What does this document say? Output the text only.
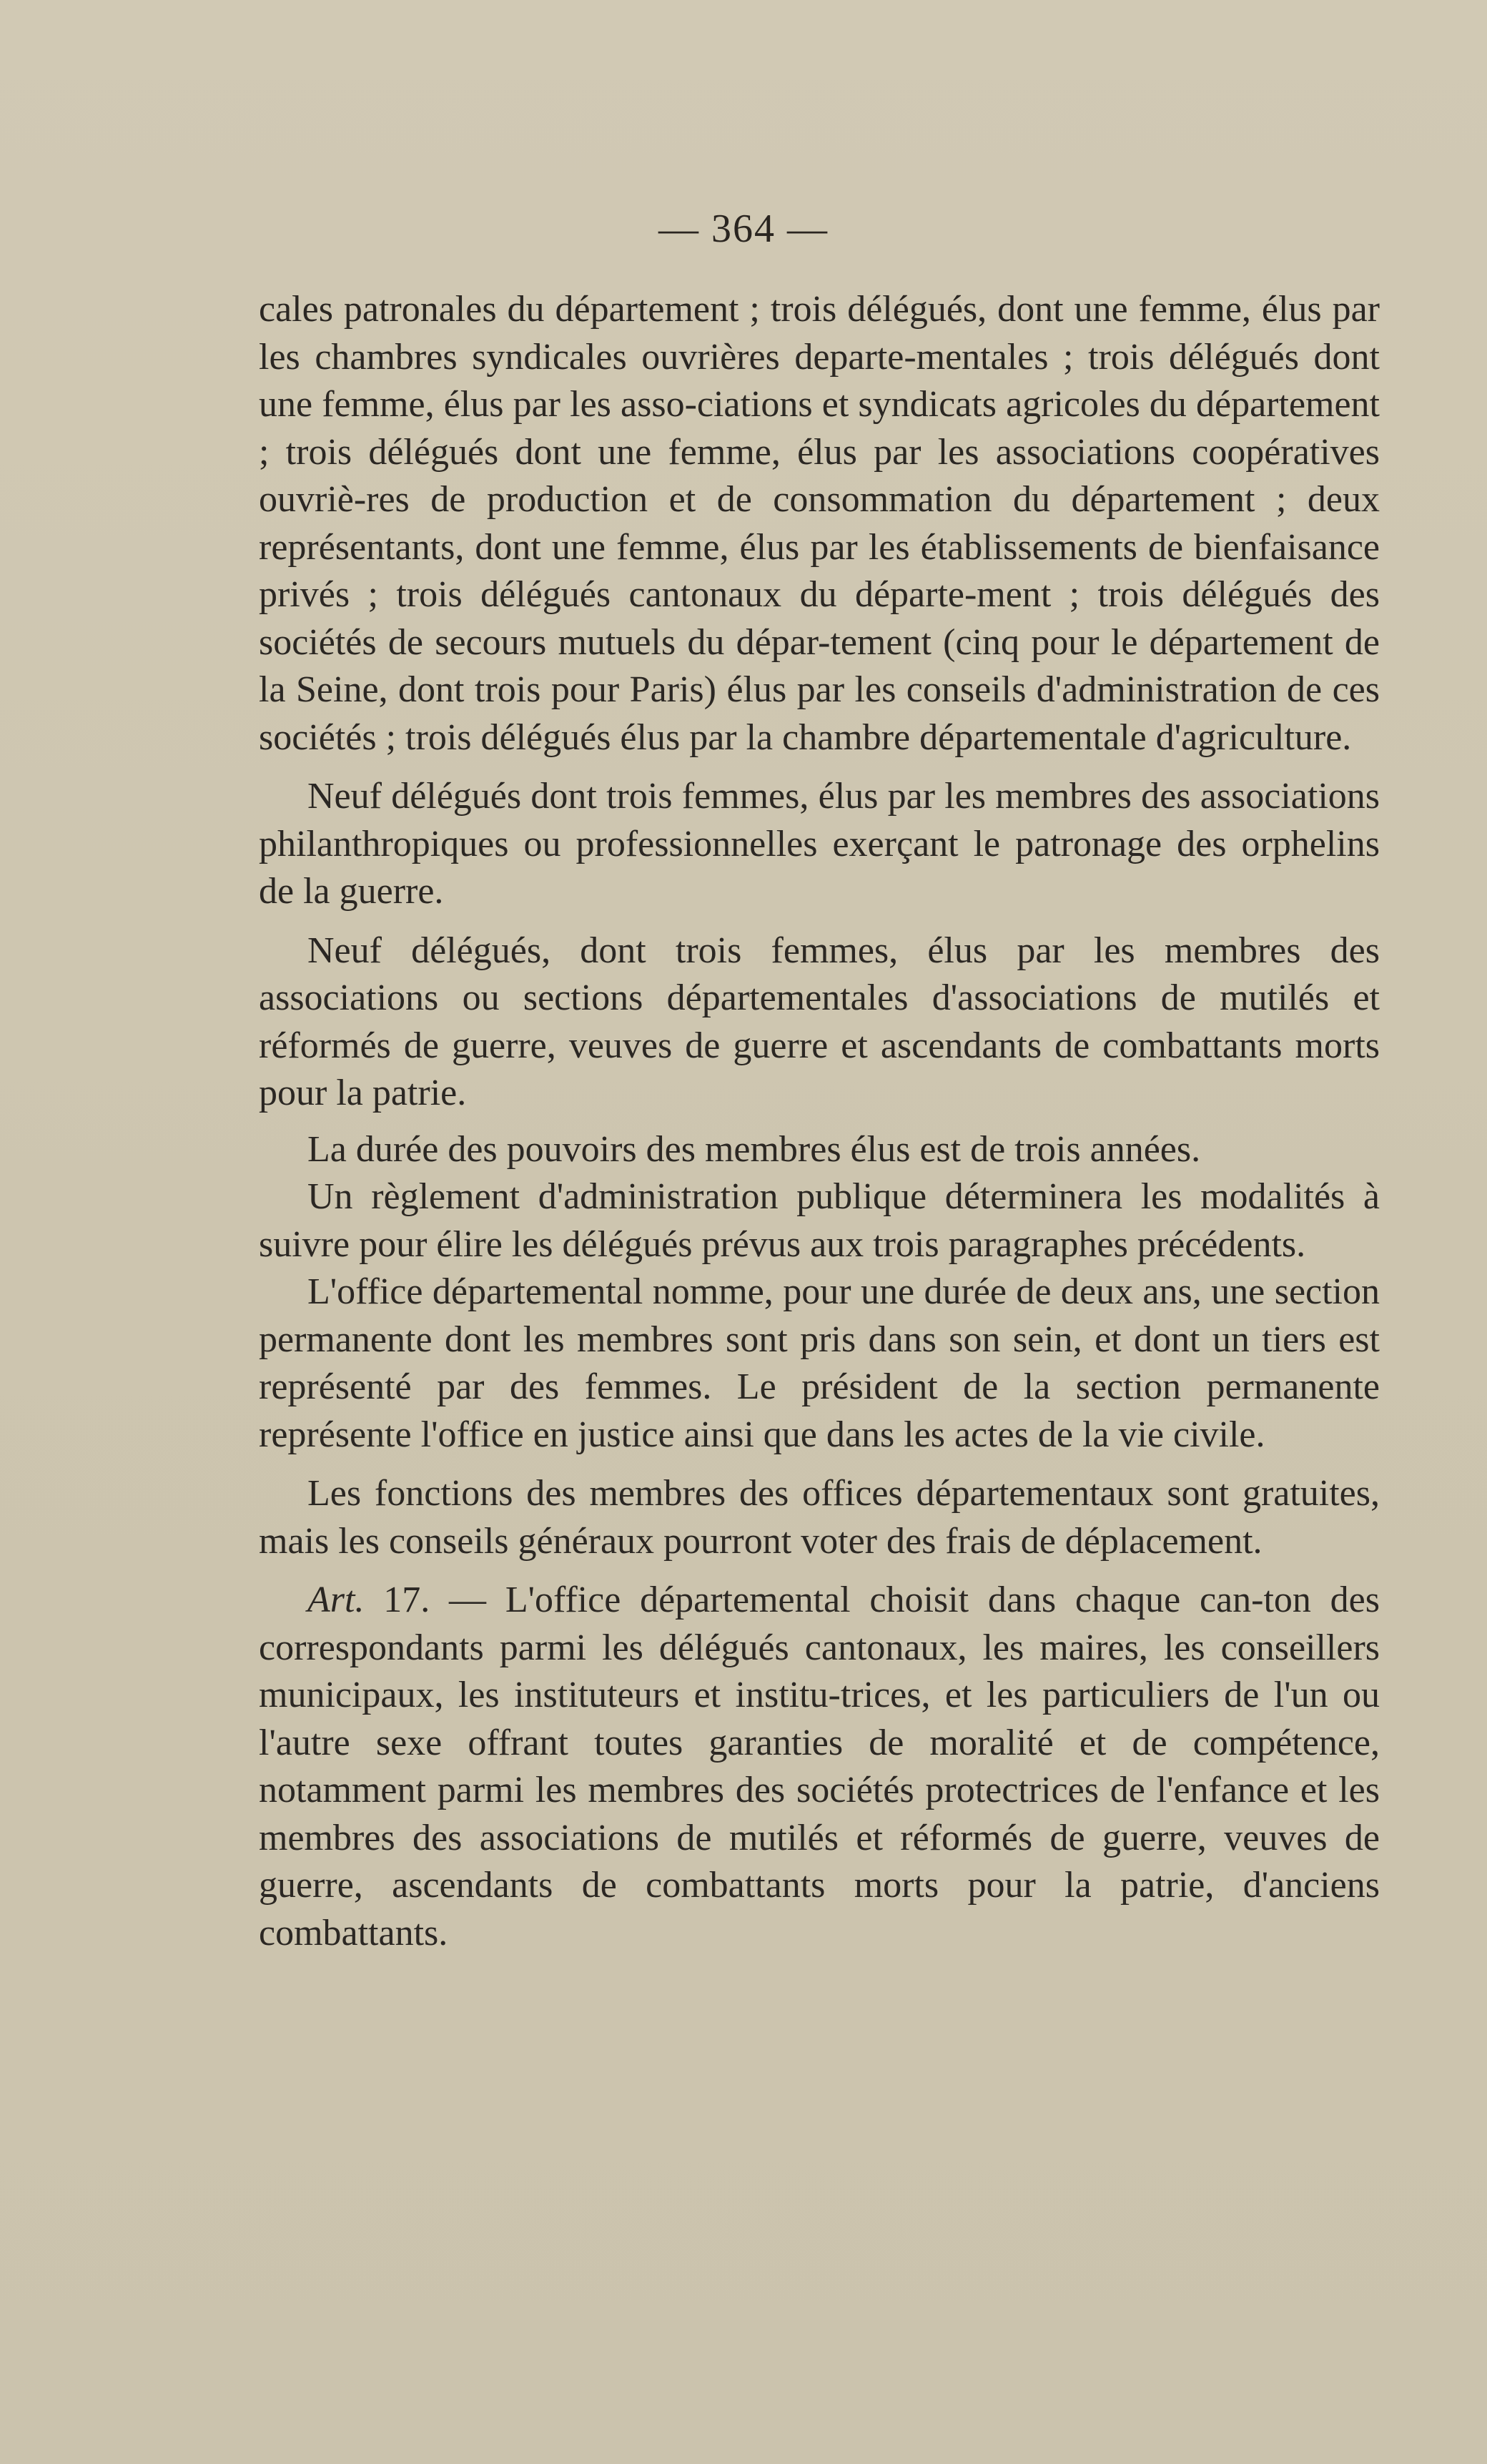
— 364 —

cales patronales du département ; trois délégués, dont une femme, élus par les chambres syndicales ouvrières departe-mentales ; trois délégués dont une femme, élus par les asso-ciations et syndicats agricoles du département ; trois délégués dont une femme, élus par les associations coopératives ouvriè-res de production et de consommation du département ; deux représentants, dont une femme, élus par les établissements de bienfaisance privés ; trois délégués cantonaux du départe-ment ; trois délégués des sociétés de secours mutuels du dépar-tement (cinq pour le département de la Seine, dont trois pour Paris) élus par les conseils d'administration de ces sociétés ; trois délégués élus par la chambre départementale d'agriculture.

Neuf délégués dont trois femmes, élus par les membres des associations philanthropiques ou professionnelles exerçant le patronage des orphelins de la guerre.

Neuf délégués, dont trois femmes, élus par les membres des associations ou sections départementales d'associations de mutilés et réformés de guerre, veuves de guerre et ascendants de combattants morts pour la patrie.

La durée des pouvoirs des membres élus est de trois années.

Un règlement d'administration publique déterminera les modalités à suivre pour élire les délégués prévus aux trois paragraphes précédents.

L'office départemental nomme, pour une durée de deux ans, une section permanente dont les membres sont pris dans son sein, et dont un tiers est représenté par des femmes. Le président de la section permanente représente l'office en justice ainsi que dans les actes de la vie civile.

Les fonctions des membres des offices départementaux sont gratuites, mais les conseils généraux pourront voter des frais de déplacement.

Art. 17. — L'office départemental choisit dans chaque can-ton des correspondants parmi les délégués cantonaux, les maires, les conseillers municipaux, les instituteurs et institu-trices, et les particuliers de l'un ou l'autre sexe offrant toutes garanties de moralité et de compétence, notamment parmi les membres des sociétés protectrices de l'enfance et les membres des associations de mutilés et réformés de guerre, veuves de guerre, ascendants de combattants morts pour la patrie, d'anciens combattants.
